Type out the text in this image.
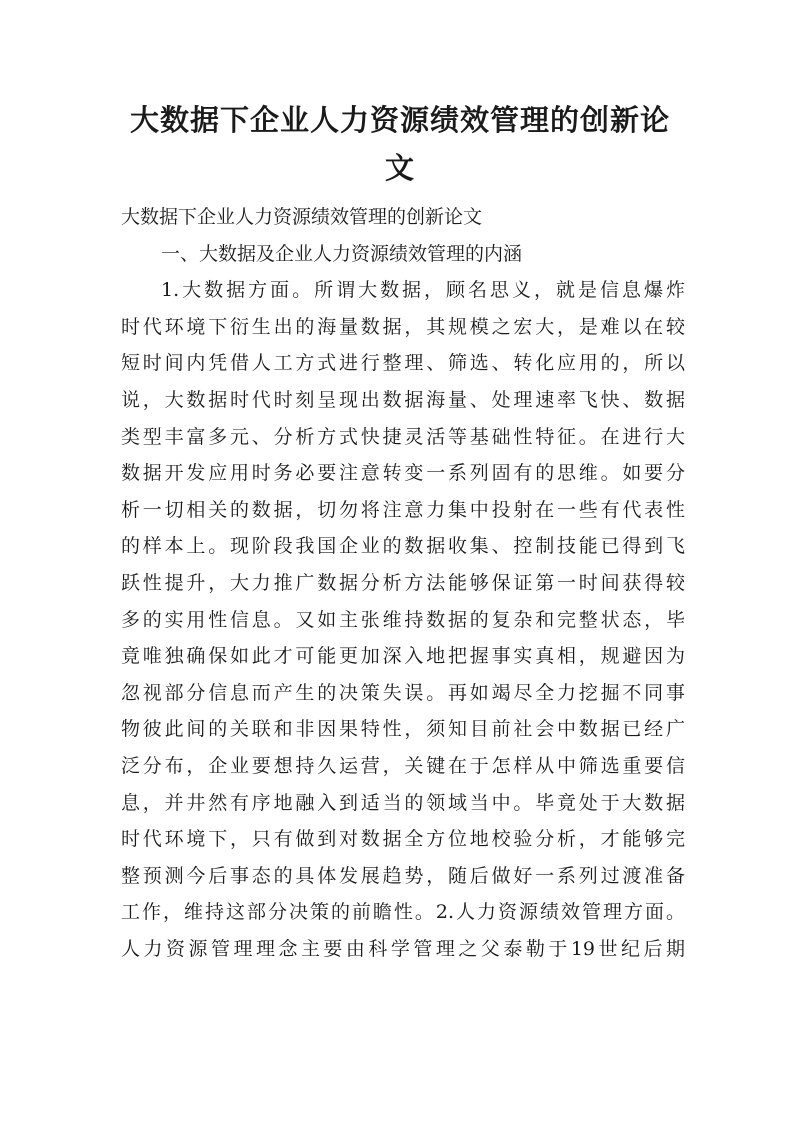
大数据下企业人力资源绩效管理的创新论
文
大数据下企业人力资源绩效管理的创新论文
一、大数据及企业人力资源绩效管理的内涵
1.大数据方面。所谓大数据，顾名思义，就是信息爆炸
时代环境下衍生出的海量数据，其规模之宏大，是难以在较
短时间内凭借人工方式进行整理、筛选、转化应用的，所以
说，大数据时代时刻呈现出数据海量、处理速率飞快、数据
类型丰富多元、分析方式快捷灵活等基础性特征。在进行大
数据开发应用时务必要注意转变一系列固有的思维。如要分
析一切相关的数据，切勿将注意力集中投射在一些有代表性
的样本上。现阶段我国企业的数据收集、控制技能已得到飞
跃性提升，大力推广数据分析方法能够保证第一时间获得较
多的实用性信息。又如主张维持数据的复杂和完整状态，毕
竟唯独确保如此才可能更加深入地把握事实真相，规避因为
忽视部分信息而产生的决策失误。再如竭尽全力挖掘不同事
物彼此间的关联和非因果特性，须知目前社会中数据已经广
泛分布，企业要想持久运营，关键在于怎样从中筛选重要信
息，并井然有序地融入到适当的领域当中。毕竟处于大数据
时代环境下，只有做到对数据全方位地校验分析，才能够完
整预测今后事态的具体发展趋势，随后做好一系列过渡准备
工作，维持这部分决策的前瞻性。2.人力资源绩效管理方面。
人力资源管理理念主要由科学管理之父泰勒于19世纪后期
